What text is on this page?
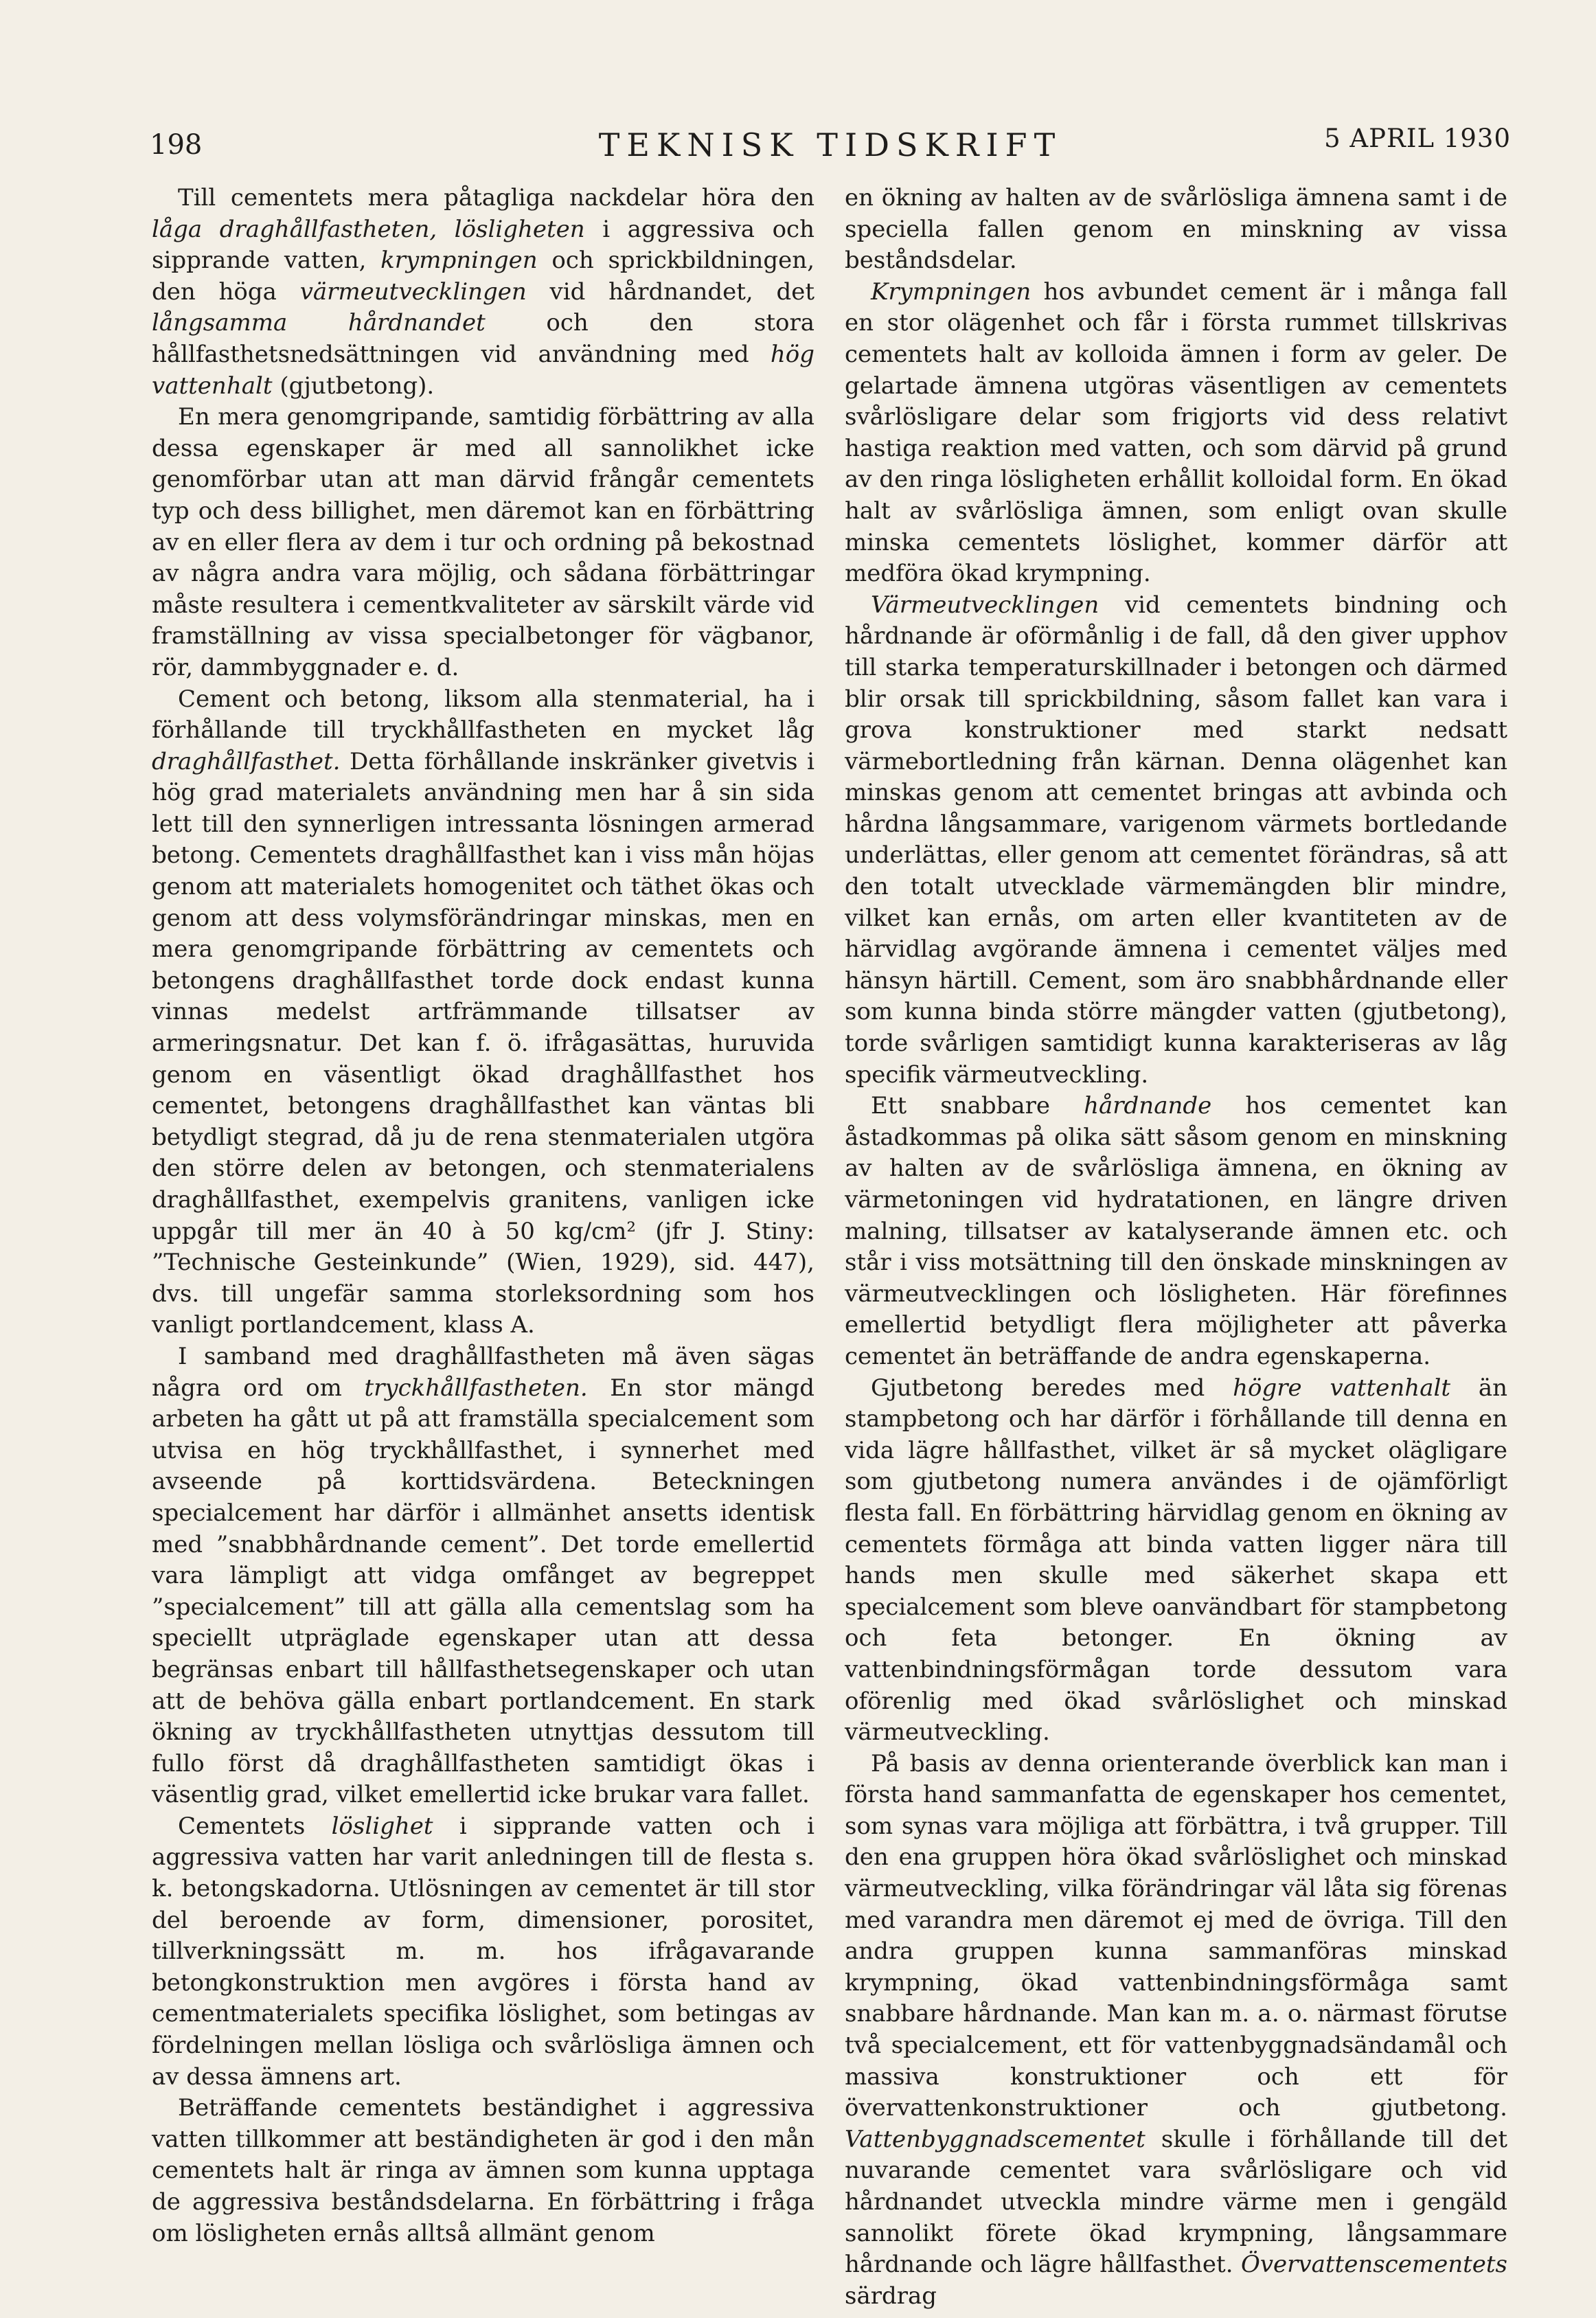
198	TEKNISK TIDSKRIFT	5 APRIL 1930

Till cementets mera påtagliga nackdelar höra den låga draghållfastheten, lösligheten i aggressiva och sipprande vatten, krympningen och sprickbildningen, den höga värmeutvecklingen vid hårdnandet, det långsamma hårdnandet och den stora hållfasthetsnedsättningen vid användning med hög vattenhalt (gjutbetong).

En mera genomgripande, samtidig förbättring av alla dessa egenskaper är med all sannolikhet icke genomförbar utan att man därvid frångår cementets typ och dess billighet, men däremot kan en förbättring av en eller flera av dem i tur och ordning på bekostnad av några andra vara möjlig, och sådana förbättringar måste resultera i cementkvaliteter av särskilt värde vid framställning av vissa specialbetonger för vägbanor, rör, dammbyggnader e. d.

Cement och betong, liksom alla stenmaterial, ha i förhållande till tryckhållfastheten en mycket låg draghållfasthet. Detta förhållande inskränker givetvis i hög grad materialets användning men har å sin sida lett till den synnerligen intressanta lösningen armerad betong. Cementets draghållfasthet kan i viss mån höjas genom att materialets homogenitet och täthet ökas och genom att dess volymsförändringar minskas, men en mera genomgripande förbättring av cementets och betongens draghållfasthet torde dock endast kunna vinnas medelst artfrämmande tillsatser av armeringsnatur. Det kan f. ö. ifrågasättas, huruvida genom en väsentligt ökad draghållfasthet hos cementet, betongens draghållfasthet kan väntas bli betydligt stegrad, då ju de rena stenmaterialen utgöra den större delen av betongen, och stenmaterialens draghållfasthet, exempelvis granitens, vanligen icke uppgår till mer än 40 à 50 kg/cm² (jfr J. Stiny: ”Technische Gesteinkunde” (Wien, 1929), sid. 447), dvs. till ungefär samma storleksordning som hos vanligt portlandcement, klass A.

I samband med draghållfastheten må även sägas några ord om tryckhållfastheten. En stor mängd arbeten ha gått ut på att framställa specialcement som utvisa en hög tryckhållfasthet, i synnerhet med avseende på korttidsvärdena. Beteckningen specialcement har därför i allmänhet ansetts identisk med ”snabbhårdnande cement”. Det torde emellertid vara lämpligt att vidga omfånget av begreppet ”specialcement” till att gälla alla cementslag som ha speciellt utpräglade egenskaper utan att dessa begränsas enbart till hållfasthetsegenskaper och utan att de behöva gälla enbart portlandcement. En stark ökning av tryckhållfastheten utnyttjas dessutom till fullo först då draghållfastheten samtidigt ökas i väsentlig grad, vilket emellertid icke brukar vara fallet.

Cementets löslighet i sipprande vatten och i aggressiva vatten har varit anledningen till de flesta s. k. betongskadorna. Utlösningen av cementet är till stor del beroende av form, dimensioner, porositet, tillverkningssätt m. m. hos ifrågavarande betongkonstruktion men avgöres i första hand av cementmaterialets specifika löslighet, som betingas av fördelningen mellan lösliga och svårlösliga ämnen och av dessa ämnens art.

Beträffande cementets beständighet i aggressiva vatten tillkommer att beständigheten är god i den mån cementets halt är ringa av ämnen som kunna upptaga de aggressiva beståndsdelarna. En förbättring i fråga om lösligheten ernås alltså allmänt genom

en ökning av halten av de svårlösliga ämnena samt i de speciella fallen genom en minskning av vissa beståndsdelar.

Krympningen hos avbundet cement är i många fall en stor olägenhet och får i första rummet tillskrivas cementets halt av kolloida ämnen i form av geler. De gelartade ämnena utgöras väsentligen av cementets svårlösligare delar som frigjorts vid dess relativt hastiga reaktion med vatten, och som därvid på grund av den ringa lösligheten erhållit kolloidal form. En ökad halt av svårlösliga ämnen, som enligt ovan skulle minska cementets löslighet, kommer därför att medföra ökad krympning.

Värmeutvecklingen vid cementets bindning och hårdnande är oförmånlig i de fall, då den giver upphov till starka temperaturskillnader i betongen och därmed blir orsak till sprickbildning, såsom fallet kan vara i grova konstruktioner med starkt nedsatt värmebortledning från kärnan. Denna olägenhet kan minskas genom att cementet bringas att avbinda och hårdna långsammare, varigenom värmets bortledande underlättas, eller genom att cementet förändras, så att den totalt utvecklade värmemängden blir mindre, vilket kan ernås, om arten eller kvantiteten av de härvidlag avgörande ämnena i cementet väljes med hänsyn härtill. Cement, som äro snabbhårdnande eller som kunna binda större mängder vatten (gjutbetong), torde svårligen samtidigt kunna karakteriseras av låg specifik värmeutveckling.

Ett snabbare hårdnande hos cementet kan åstadkommas på olika sätt såsom genom en minskning av halten av de svårlösliga ämnena, en ökning av värmetoningen vid hydratationen, en längre driven malning, tillsatser av katalyserande ämnen etc. och står i viss motsättning till den önskade minskningen av värmeutvecklingen och lösligheten. Här förefinnes emellertid betydligt flera möjligheter att påverka cementet än beträffande de andra egenskaperna.

Gjutbetong beredes med högre vattenhalt än stampbetong och har därför i förhållande till denna en vida lägre hållfasthet, vilket är så mycket olägligare som gjutbetong numera användes i de ojämförligt flesta fall. En förbättring härvidlag genom en ökning av cementets förmåga att binda vatten ligger nära till hands men skulle med säkerhet skapa ett specialcement som bleve oanvändbart för stampbetong och feta betonger. En ökning av vattenbindningsförmågan torde dessutom vara oförenlig med ökad svårlöslighet och minskad värmeutveckling.

På basis av denna orienterande överblick kan man i första hand sammanfatta de egenskaper hos cementet, som synas vara möjliga att förbättra, i två grupper. Till den ena gruppen höra ökad svårlöslighet och minskad värmeutveckling, vilka förändringar väl låta sig förenas med varandra men däremot ej med de övriga. Till den andra gruppen kunna sammanföras minskad krympning, ökad vattenbindningsförmåga samt snabbare hårdnande. Man kan m. a. o. närmast förutse två specialcement, ett för vattenbyggnadsändamål och massiva konstruktioner och ett för övervattenkonstruktioner och gjutbetong. Vattenbyggnadscementet skulle i förhållande till det nuvarande cementet vara svårlösligare och vid hårdnandet utveckla mindre värme men i gengäld sannolikt förete ökad krympning, långsammare hårdnande och lägre hållfasthet. Övervattenscementets särdrag
